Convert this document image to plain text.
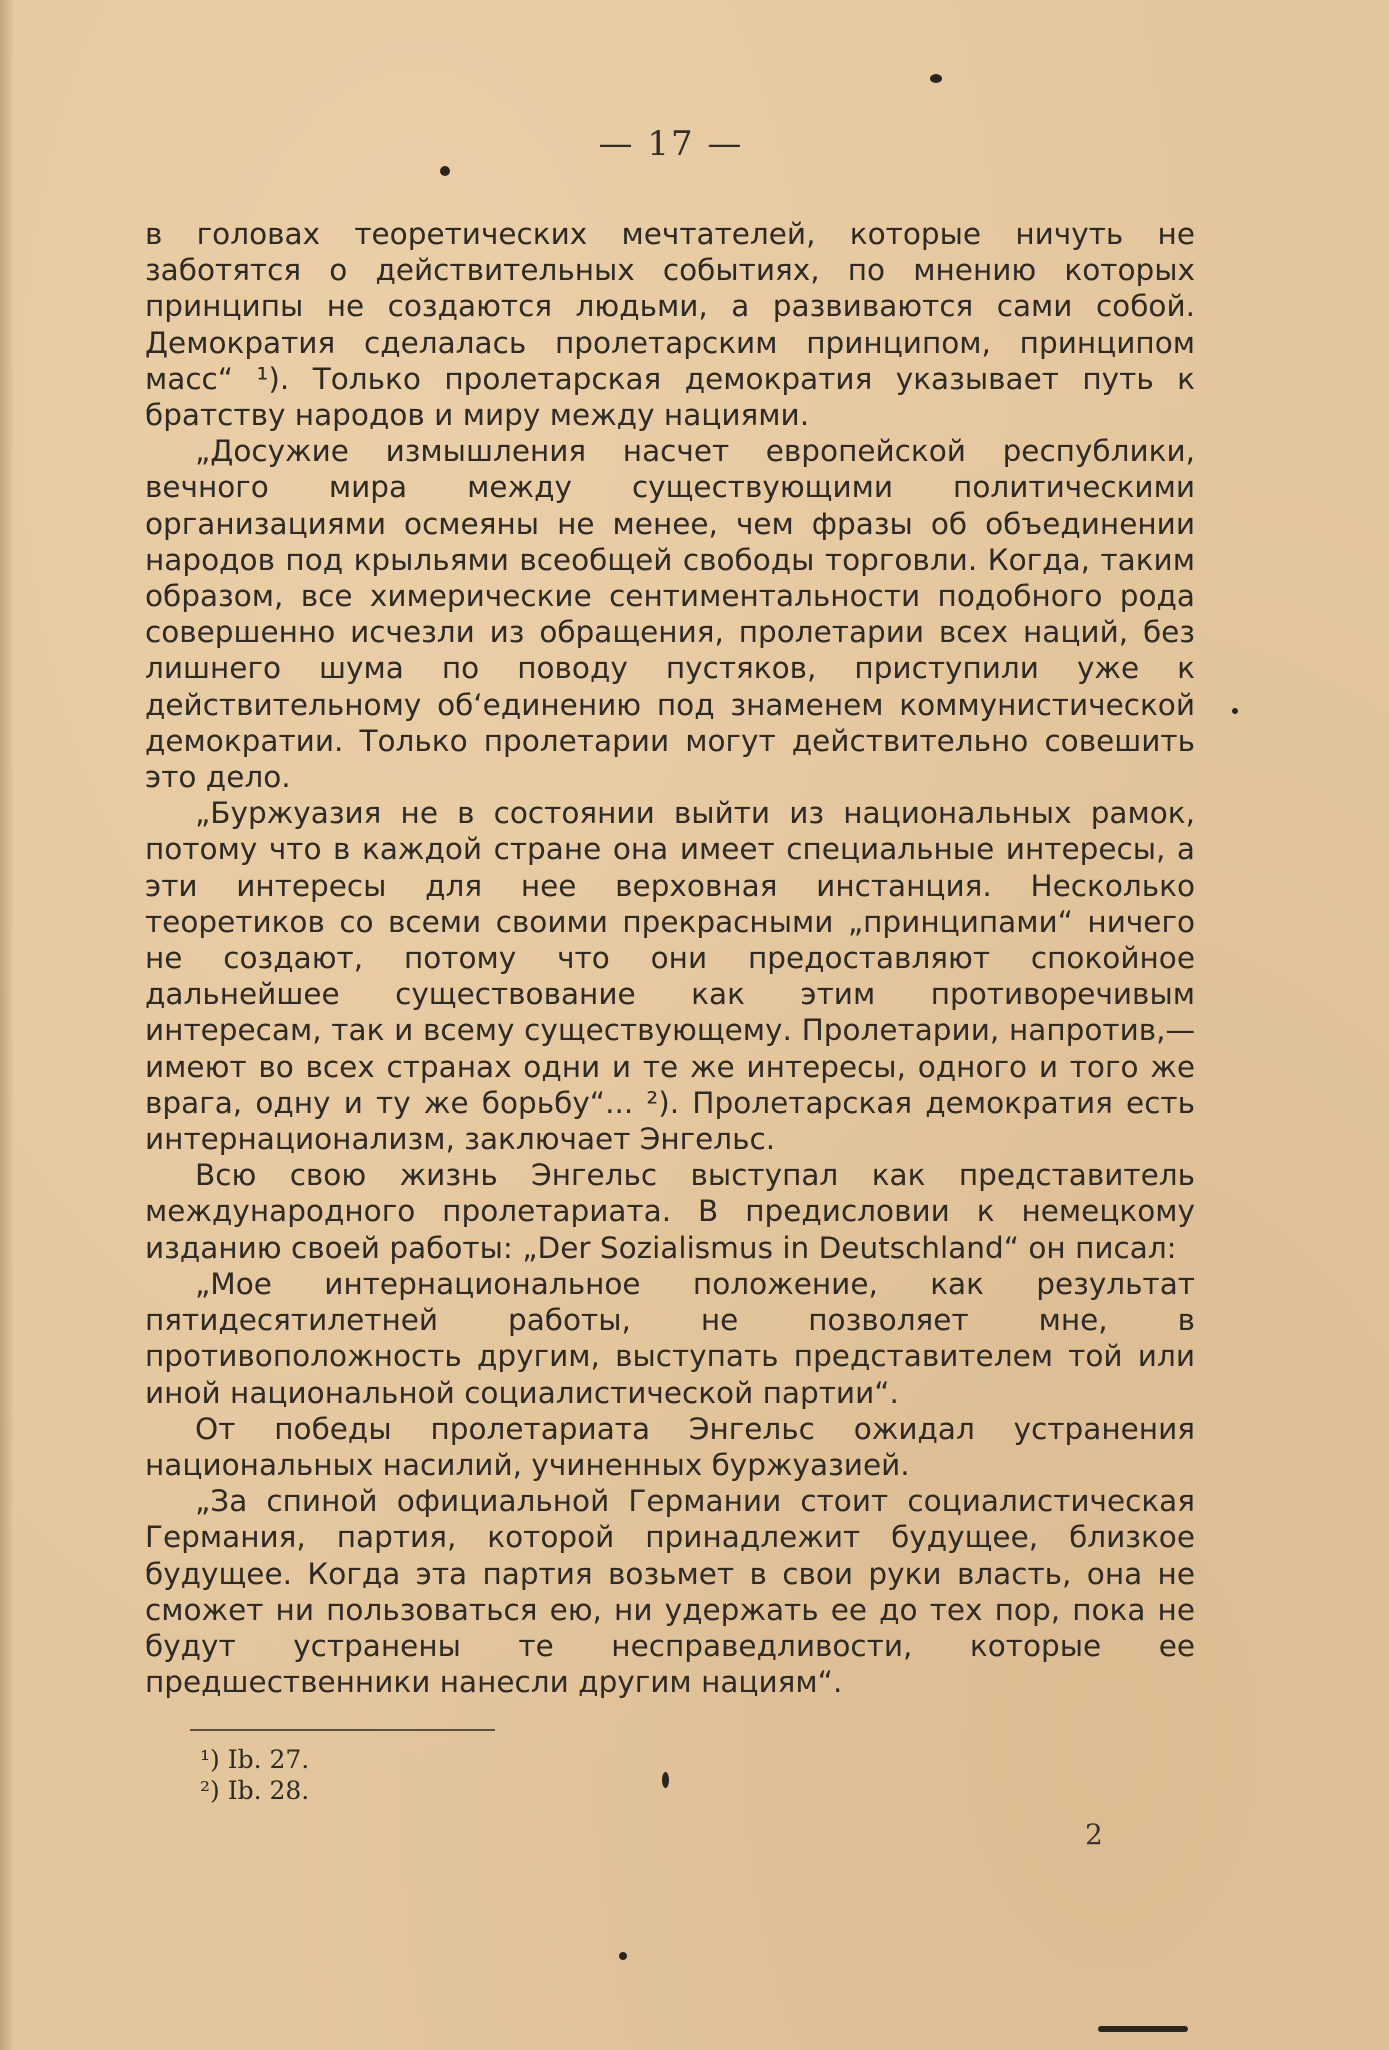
— 17 —

в головах теоретических мечтателей, которые ничуть не заботятся о действительных событиях, по мнению которых принципы не создаются людьми, а развиваются сами собой. Демократия сделалась пролетарским принципом, принципом масс“ ¹). Только пролетарская демократия указывает путь к братству народов и миру между нациями.

„Досужие измышления насчет европейской республики, вечного мира между существующими политическими организациями осмеяны не менее, чем фразы об объединении народов под крыльями всеобщей свободы торговли. Когда, таким образом, все химерические сентиментальности подобного рода совершенно исчезли из обращения, пролетарии всех наций, без лишнего шума по поводу пустяков, приступили уже к действительному об‘единению под знаменем коммунистической демократии. Только пролетарии могут действительно совешить это дело.

„Буржуазия не в состоянии выйти из национальных рамок, потому что в каждой стране она имеет специальные интересы, а эти интересы для нее верховная инстанция. Несколько теоретиков со всеми своими прекрасными „принципами“ ничего не создают, потому что они предоставляют спокойное дальнейшее существование как этим противоречивым интересам, так и всему существующему. Пролетарии, напротив,— имеют во всех странах одни и те же интересы, одного и того же врага, одну и ту же борьбу“... ²). Пролетарская демократия есть интернационализм, заключает Энгельс.

Всю свою жизнь Энгельс выступал как представитель международного пролетариата. В предисловии к немецкому изданию своей работы: „Der Sozialismus in Deutschland“ он писал:

„Мое интернациональное положение, как результат пятидесятилетней работы, не позволяет мне, в противоположность другим, выступать представителем той или иной национальной социалистической партии“.

От победы пролетариата Энгельс ожидал устранения национальных насилий, учиненных буржуазией.

„За спиной официальной Германии стоит социалистическая Германия, партия, которой принадлежит будущее, близкое будущее. Когда эта партия возьмет в свои руки власть, она не сможет ни пользоваться ею, ни удержать ее до тех пор, пока не будут устранены те несправедливости, которые ее предшественники нанесли другим нациям“.

¹) Ib. 27.
²) Ib. 28.
2
